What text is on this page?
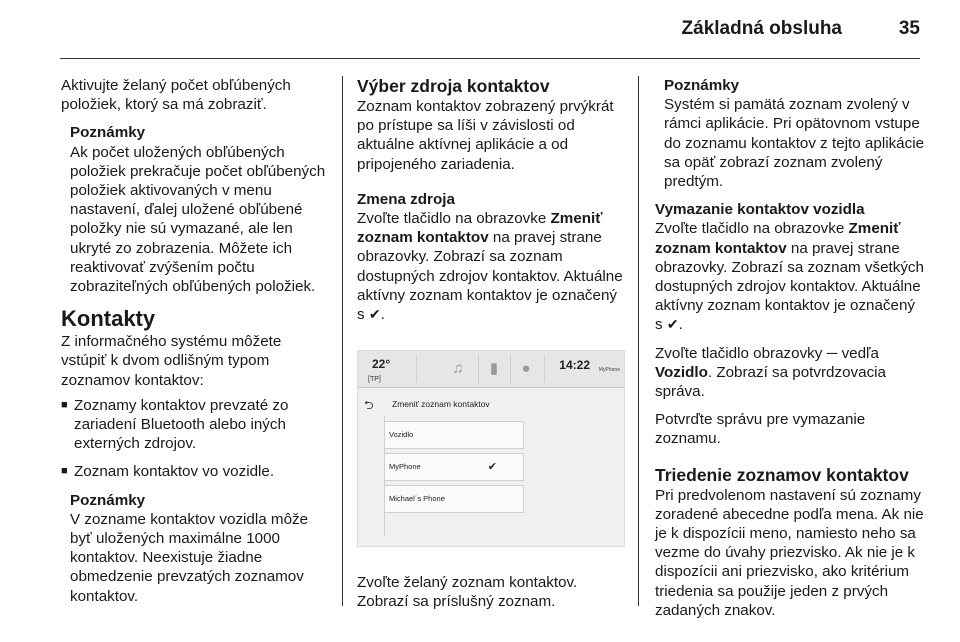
Základná obsluha	35

Aktivujte želaný počet obľúbených položiek, ktorý sa má zobraziť.

Poznámky

Ak počet uložených obľúbených položiek prekračuje počet obľúbených položiek aktivovaných v menu nastavení, ďalej uložené obľúbené položky nie sú vymazané, ale len ukryté zo zobrazenia. Môžete ich reaktivovať zvýšením počtu zobraziteľných obľúbených položiek.

Kontakty

Z informačného systému môžete vstúpiť k dvom odlišným typom zoznamov kontaktov:

■ Zoznamy kontaktov prevzaté zo zariadení Bluetooth alebo iných externých zdrojov.
■ Zoznam kontaktov vo vozidle.

Poznámky

V zozname kontaktov vozidla môže byť uložených maximálne 1000 kontaktov. Neexistuje žiadne obmedzenie prevzatých zoznamov kontaktov.

Výber zdroja kontaktov

Zoznam kontaktov zobrazený prvýkrát po prístupe sa líši v závislosti od aktuálne aktívnej aplikácie a od pripojeného zariadenia.

Zmena zdroja

Zvoľte tlačidlo na obrazovke Zmeniť zoznam kontaktov na pravej strane obrazovky. Zobrazí sa zoznam dostupných zdrojov kontaktov. Aktuálne aktívny zoznam kontaktov je označený s ✔.

22°
[TP]
♫	▮	●	14:22 MyPhone
⮌ Zmeniť zoznam kontaktov
Vozidlo
MyPhone	✔
Michael´s Phone

Zvoľte želaný zoznam kontaktov.

Zobrazí sa príslušný zoznam.

Poznámky

Systém si pamätá zoznam zvolený v rámci aplikácie. Pri opätovnom vstupe do zoznamu kontaktov z tejto aplikácie sa opäť zobrazí zoznam zvolený predtým.

Vymazanie kontaktov vozidla

Zvoľte tlačidlo na obrazovke Zmeniť zoznam kontaktov na pravej strane obrazovky. Zobrazí sa zoznam všetkých dostupných zdrojov kontaktov. Aktuálne aktívny zoznam kontaktov je označený s ✔.

Zvoľte tlačidlo obrazovky ─ vedľa Vozidlo. Zobrazí sa potvrdzovacia správa.

Potvrďte správu pre vymazanie zoznamu.

Triedenie zoznamov kontaktov

Pri predvolenom nastavení sú zoznamy zoradené abecedne podľa mena. Ak nie je k dispozícii meno, namiesto neho sa vezme do úvahy priezvisko. Ak nie je k dispozícii ani priezvisko, ako kritérium triedenia sa použije jeden z prvých zadaných znakov.
